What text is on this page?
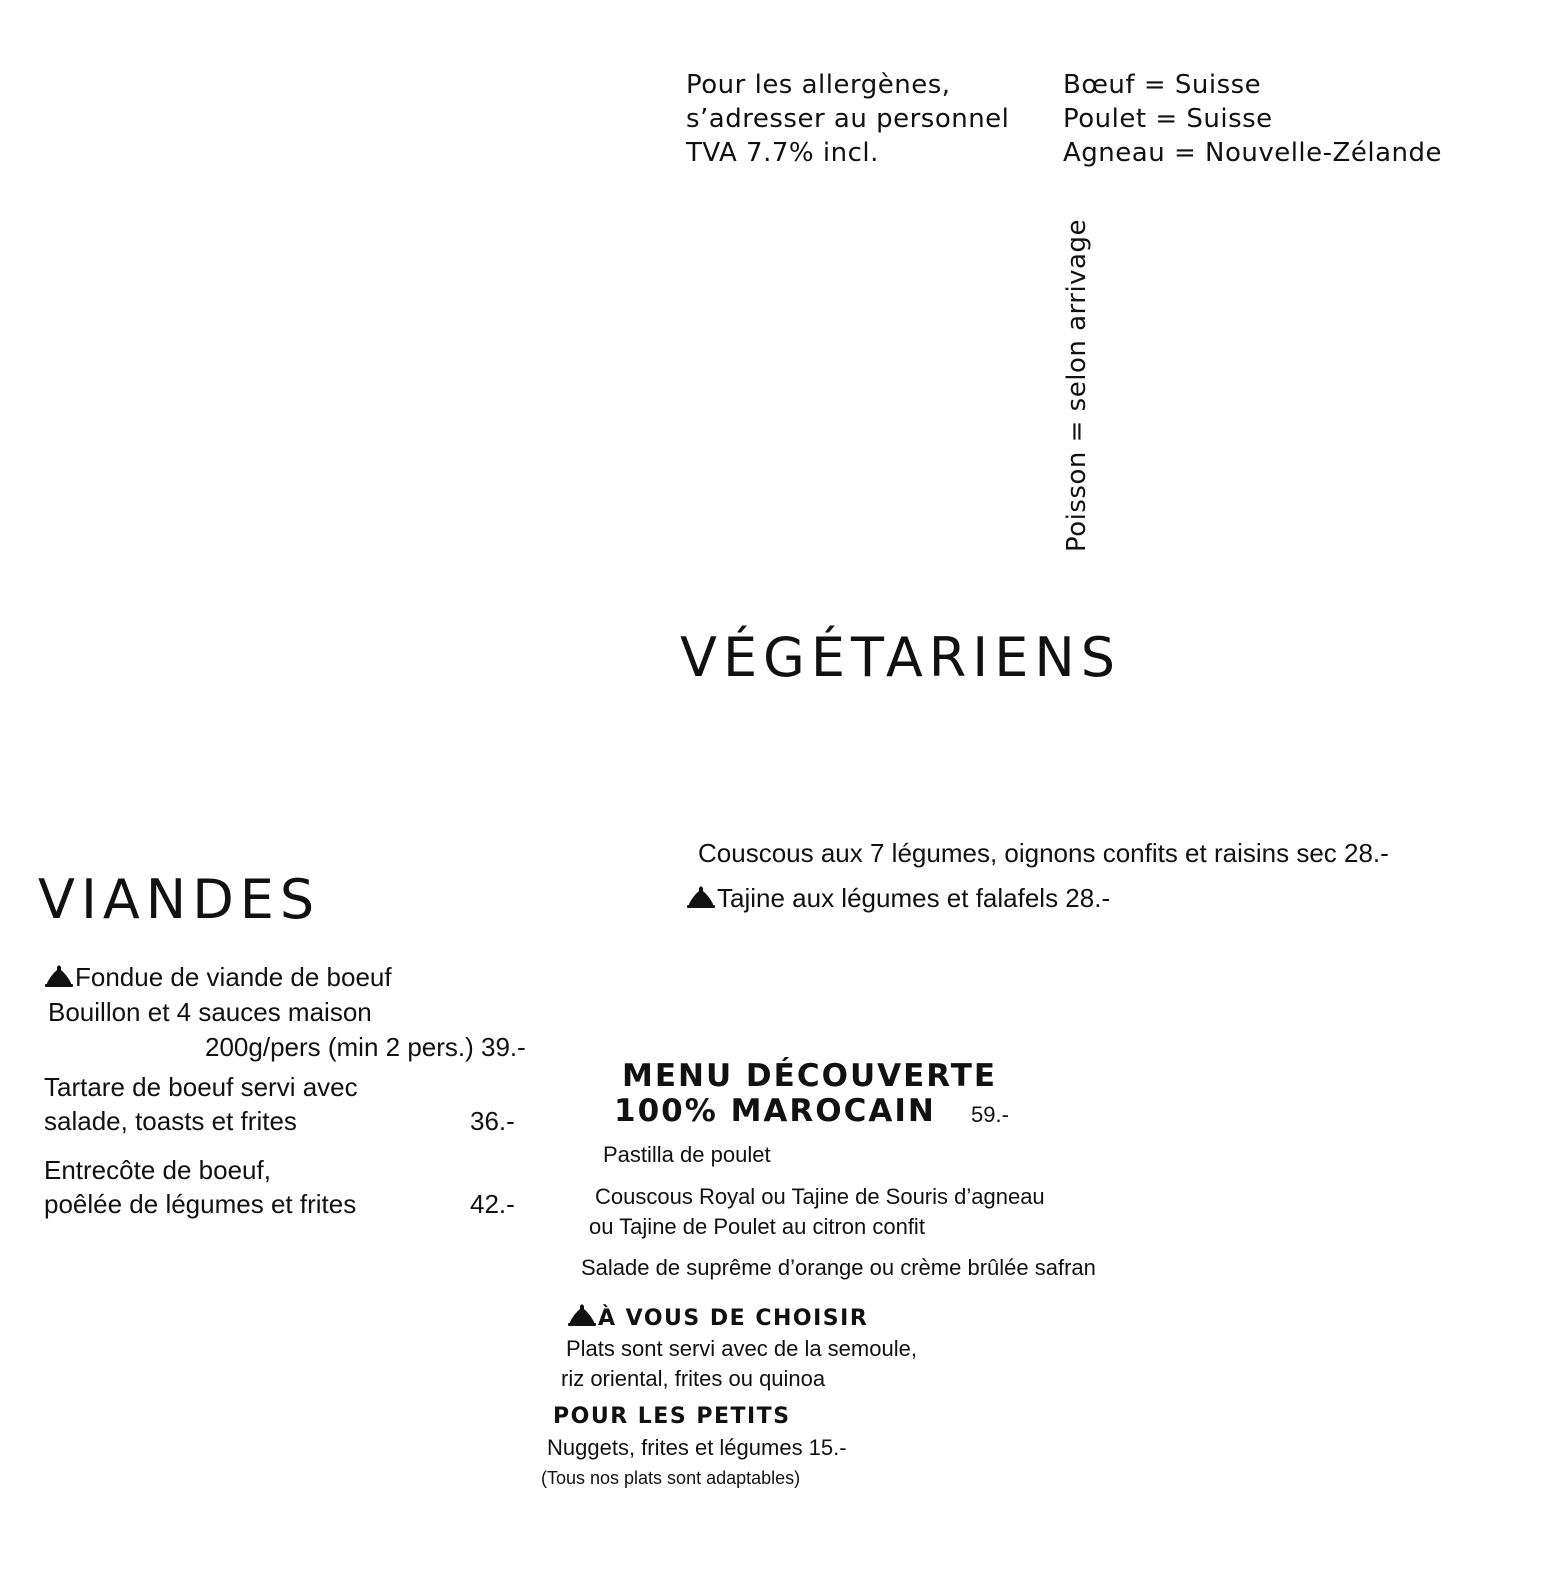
Pour les allergènes,
s’adresser au personnel
TVA 7.7% incl.
Bœuf = Suisse
Poulet = Suisse
Agneau = Nouvelle-Zélande
Poisson = selon arrivage
VÉGÉTARIENS
Couscous aux 7 légumes, oignons confits et raisins sec 28.-
Tajine aux légumes et falafels 28.-
VIANDES
Fondue de viande de boeuf
Bouillon et 4 sauces maison
200g/pers (min 2 pers.) 39.-
Tartare de boeuf servi avec
salade, toasts et frites	36.-
Entrecôte de boeuf,
poêlée de légumes et frites	42.-
MENU DÉCOUVERTE
100% MAROCAIN 59.-
Pastilla de poulet
Couscous Royal ou Tajine de Souris d’agneau
ou Tajine de Poulet au citron confit
Salade de suprême d’orange ou crème brûlée safran
À VOUS DE CHOISIR
Plats sont servi avec de la semoule,
riz oriental, frites ou quinoa
POUR LES PETITS
Nuggets, frites et légumes 15.-
(Tous nos plats sont adaptables)
